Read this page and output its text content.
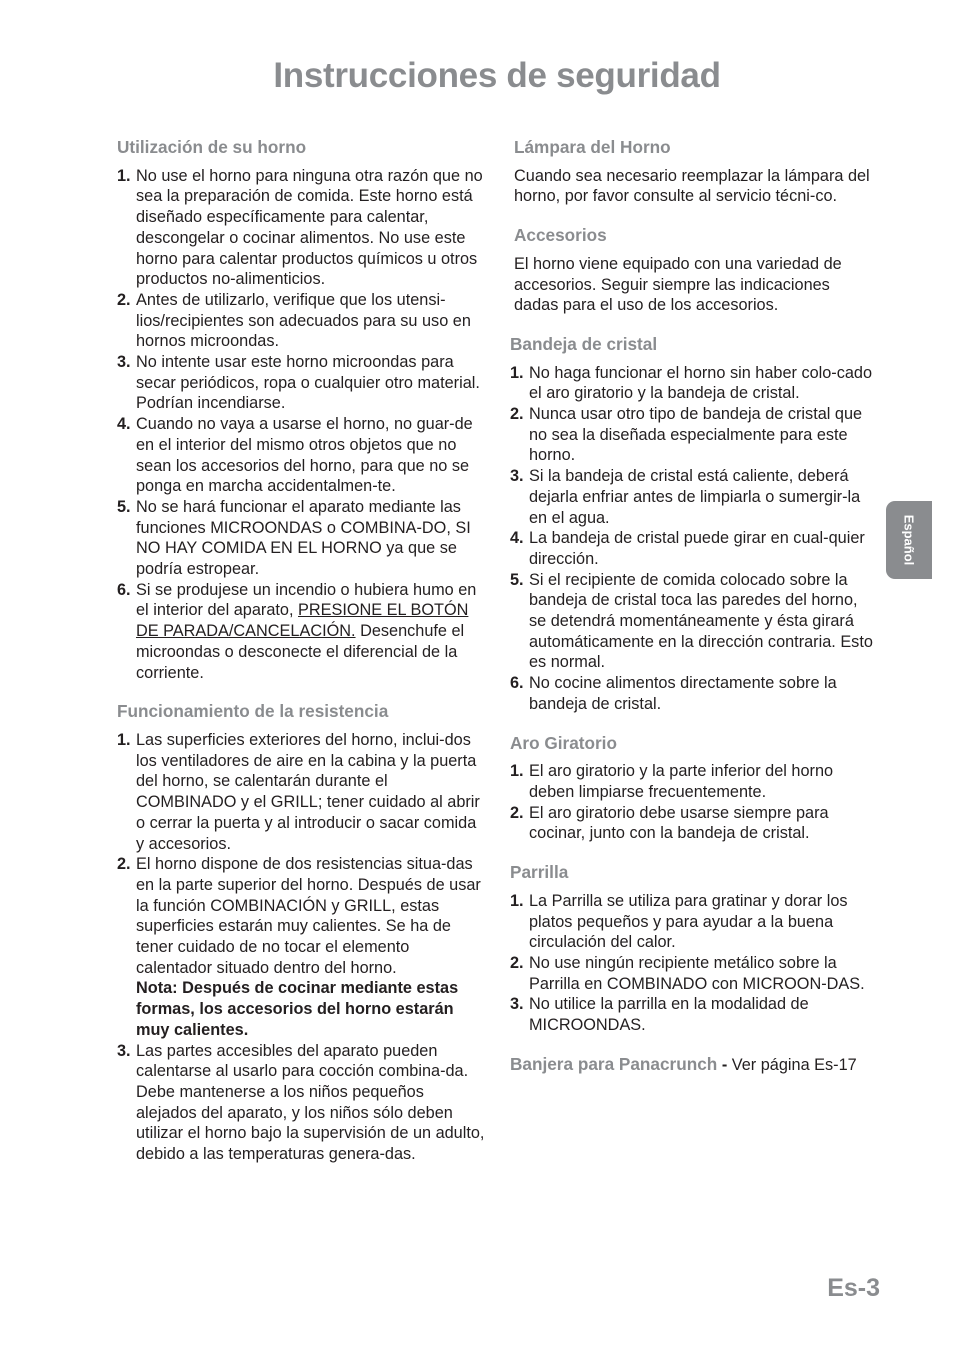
Instrucciones de seguridad
Utilización de su horno
1. No use el horno para ninguna otra razón que no sea la preparación de comida. Este horno está diseñado específicamente para calentar, descongelar o cocinar alimentos. No use este horno para calentar productos químicos u otros productos no-alimenticios.
2. Antes de utilizarlo, verifique que los utensi-lios/recipientes son adecuados para su uso en hornos microondas.
3. No intente usar este horno microondas para secar periódicos, ropa o cualquier otro material. Podrían incendiarse.
4. Cuando no vaya a usarse el horno, no guar-de en el interior del mismo otros objetos que no sean los accesorios del horno, para que no se ponga en marcha accidentalmen-te.
5. No se hará funcionar el aparato mediante las funciones MICROONDAS o COMBINA-DO, SI NO HAY COMIDA EN EL HORNO ya que se podría estropear.
6. Si se produjese un incendio o hubiera humo en el interior del aparato, PRESIONE EL BOTÓN DE PARADA/CANCELACIÓN. Desenchufe el microondas o desconecte el diferencial de la corriente.
Funcionamiento de la resistencia
1. Las superficies exteriores del horno, inclui-dos los ventiladores de aire en la cabina y la puerta del horno, se calentarán durante el COMBINADO y el GRILL; tener cuidado al abrir o cerrar la puerta y al introducir o sacar comida y accesorios.
2. El horno dispone de dos resistencias situa-das en la parte superior del horno. Después de usar la función COMBINACIÓN y GRILL, estas superficies estarán muy calientes. Se ha de tener cuidado de no tocar el elemento calentador situado dentro del horno.
Nota: Después de cocinar mediante estas formas, los accesorios del horno estarán muy calientes.
3. Las partes accesibles del aparato pueden calentarse al usarlo para cocción combina-da. Debe mantenerse a los niños pequeños alejados del aparato, y los niños sólo deben utilizar el horno bajo la supervisión de un adulto, debido a las temperaturas genera-das.
Lámpara del Horno

Cuando sea necesario reemplazar la lámpara del horno, por favor consulte al servicio técni-co.

Accesorios

El horno viene equipado con una variedad de accesorios. Seguir siempre las indicaciones dadas para el uso de los accesorios.

Bandeja de cristal
1. No haga funcionar el horno sin haber colo-cado el aro giratorio y la bandeja de cristal.
2. Nunca usar otro tipo de bandeja de cristal que no sea la diseñada especialmente para este horno.
3. Si la bandeja de cristal está caliente, deberá dejarla enfriar antes de limpiarla o sumergir-la en el agua.
4. La bandeja de cristal puede girar en cual-quier dirección.
5. Si el recipiente de comida colocado sobre la bandeja de cristal toca las paredes del horno, se detendrá momentáneamente y ésta girará automáticamente en la dirección contraria. Esto es normal.
6. No cocine alimentos directamente sobre la bandeja de cristal.
Aro Giratorio
1. El aro giratorio y la parte inferior del horno deben limpiarse frecuentemente.
2. El aro giratorio debe usarse siempre para cocinar, junto con la bandeja de cristal.
Parrilla
1. La Parrilla se utiliza para gratinar y dorar los platos pequeños y para ayudar a la buena circulación del calor.
2. No use ningún recipiente metálico sobre la Parrilla en COMBINADO con MICROON-DAS.
3. No utilice la parrilla en la modalidad de MICROONDAS.
Banjera para Panacrunch - Ver página Es-17
Español
Es-3
